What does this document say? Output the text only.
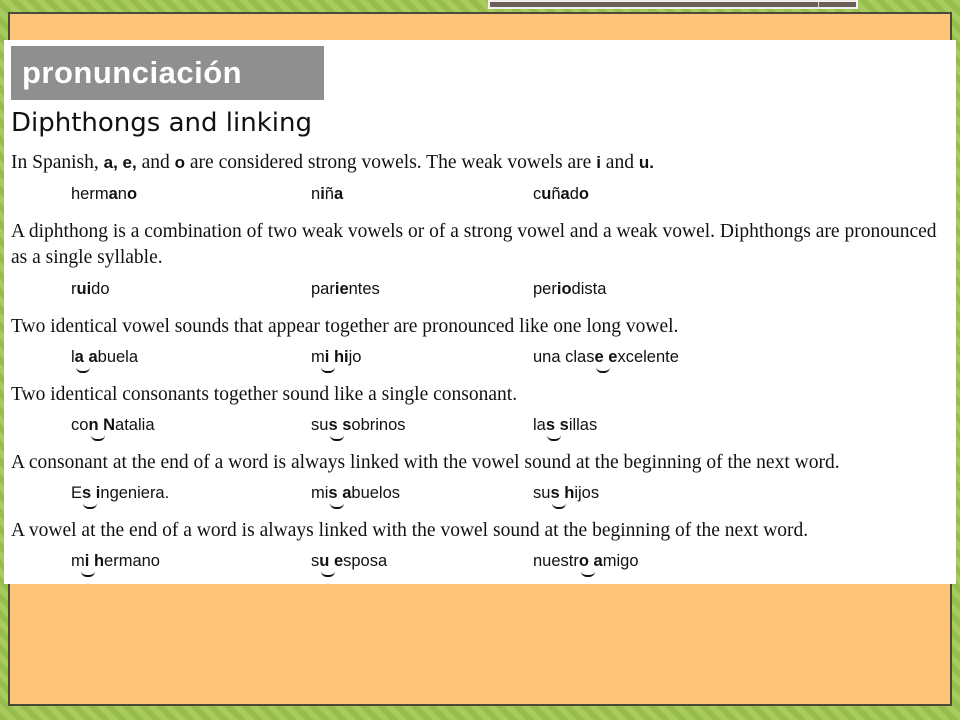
pronunciación
Diphthongs and linking

In Spanish, a, e, and o are considered strong vowels. The weak vowels are i and u.

hermano	niña	cuñado

A diphthong is a combination of two weak vowels or of a strong vowel and a weak vowel. Diphthongs are pronounced as a single syllable.

ruido	parientes	periodista

Two identical vowel sounds that appear together are pronounced like one long vowel.

la abuela	mi hijo	una clase excelente

Two identical consonants together sound like a single consonant.

con Natalia	sus sobrinos	las sillas

A consonant at the end of a word is always linked with the vowel sound at the beginning of the next word.

Es ingeniera.	mis abuelos	sus hijos

A vowel at the end of a word is always linked with the vowel sound at the beginning of the next word.

mi hermano	su esposa	nuestro amigo
